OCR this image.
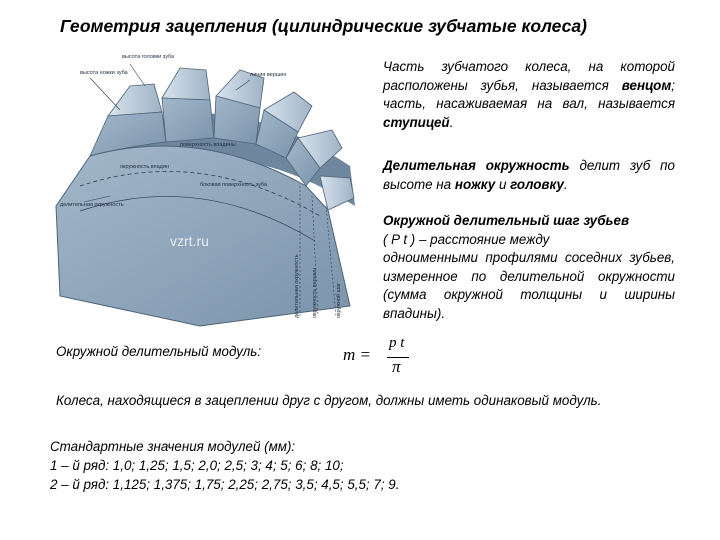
Геометрия зацепления (цилиндрические зубчатые колеса)
высота головки зуба
высота ножки зуба	линия вершин
делительная окружность
поверхность впадины
боковая поверхность зуба
окружность впадин
делительная окружность окружность вершин	окружной шаг
vzrt.ru
Часть зубчатого колеса, на которой расположены зубья, называется венцом; часть, насаживаемая на вал, называется ступицей.
Делительная окружность делит зуб по высоте на ножку и головку.
Окружной делительный шаг зубьев
( P t ) – расстояние между
одноименными профилями соседних зубьев, измеренное по делительной окружности (сумма окружной толщины и ширины впадины).
Окружной делительный модуль:	m =
p t
π
Колеса, находящиеся в зацеплении друг с другом, должны иметь одинаковый модуль.
Стандартные значения модулей (мм):
1 – й ряд: 1,0; 1,25; 1,5; 2,0; 2,5; 3; 4; 5; 6; 8; 10;
2 – й ряд: 1,125; 1,375; 1,75; 2,25; 2,75; 3,5; 4,5; 5,5; 7; 9.
